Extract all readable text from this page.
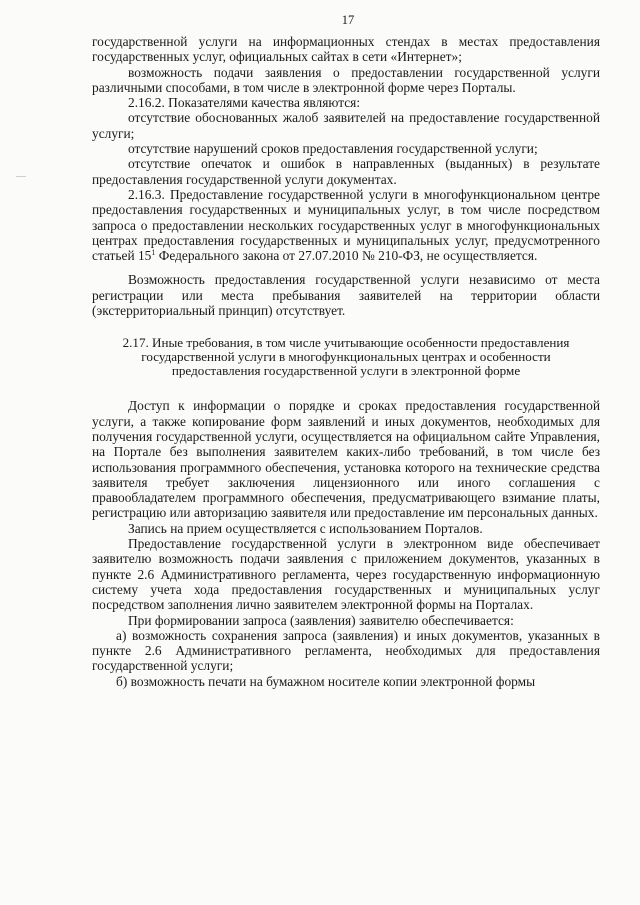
17

государственной услуги на информационных стендах в местах предоставления государственных услуг, официальных сайтах в сети «Интернет»;

возможность подачи заявления о предоставлении государственной услуги различными способами, в том числе в электронной форме через Порталы.

2.16.2. Показателями качества являются:

отсутствие обоснованных жалоб заявителей на предоставление государственной услуги;

отсутствие нарушений сроков предоставления государственной услуги;

отсутствие опечаток и ошибок в направленных (выданных) в результате предоставления государственной услуги документах.

2.16.3. Предоставление государственной услуги в многофункциональном центре предоставления государственных и муниципальных услуг, в том числе посредством запроса о предоставлении нескольких государственных услуг в многофункциональных центрах предоставления государственных и муниципальных услуг, предусмотренного статьей $15^1$ Федерального закона от 27.07.2010 № 210-ФЗ, не осуществляется.

Возможность предоставления государственной услуги независимо от места регистрации или места пребывания заявителей на территории области (экстерриториальный принцип) отсутствует.

2.17. Иные требования, в том числе учитывающие особенности предоставления государственной услуги в многофункциональных центрах и особенности предоставления государственной услуги в электронной форме

Доступ к информации о порядке и сроках предоставления государственной услуги, а также копирование форм заявлений и иных документов, необходимых для получения государственной услуги, осуществляется на официальном сайте Управления, на Портале без выполнения заявителем каких-либо требований, в том числе без использования программного обеспечения, установка которого на технические средства заявителя требует заключения лицензионного или иного соглашения с правообладателем программного обеспечения, предусматривающего взимание платы, регистрацию или авторизацию заявителя или предоставление им персональных данных.

Запись на прием осуществляется с использованием Порталов.

Предоставление государственной услуги в электронном виде обеспечивает заявителю возможность подачи заявления с приложением документов, указанных в пункте 2.6 Административного регламента, через государственную информационную систему учета хода предоставления государственных и муниципальных услуг посредством заполнения лично заявителем электронной формы на Порталах.

При формировании запроса (заявления) заявителю обеспечивается:

а) возможность сохранения запроса (заявления) и иных документов, указанных в пункте 2.6 Административного регламента, необходимых для предоставления государственной услуги;

б) возможность печати на бумажном носителе копии электронной формы
